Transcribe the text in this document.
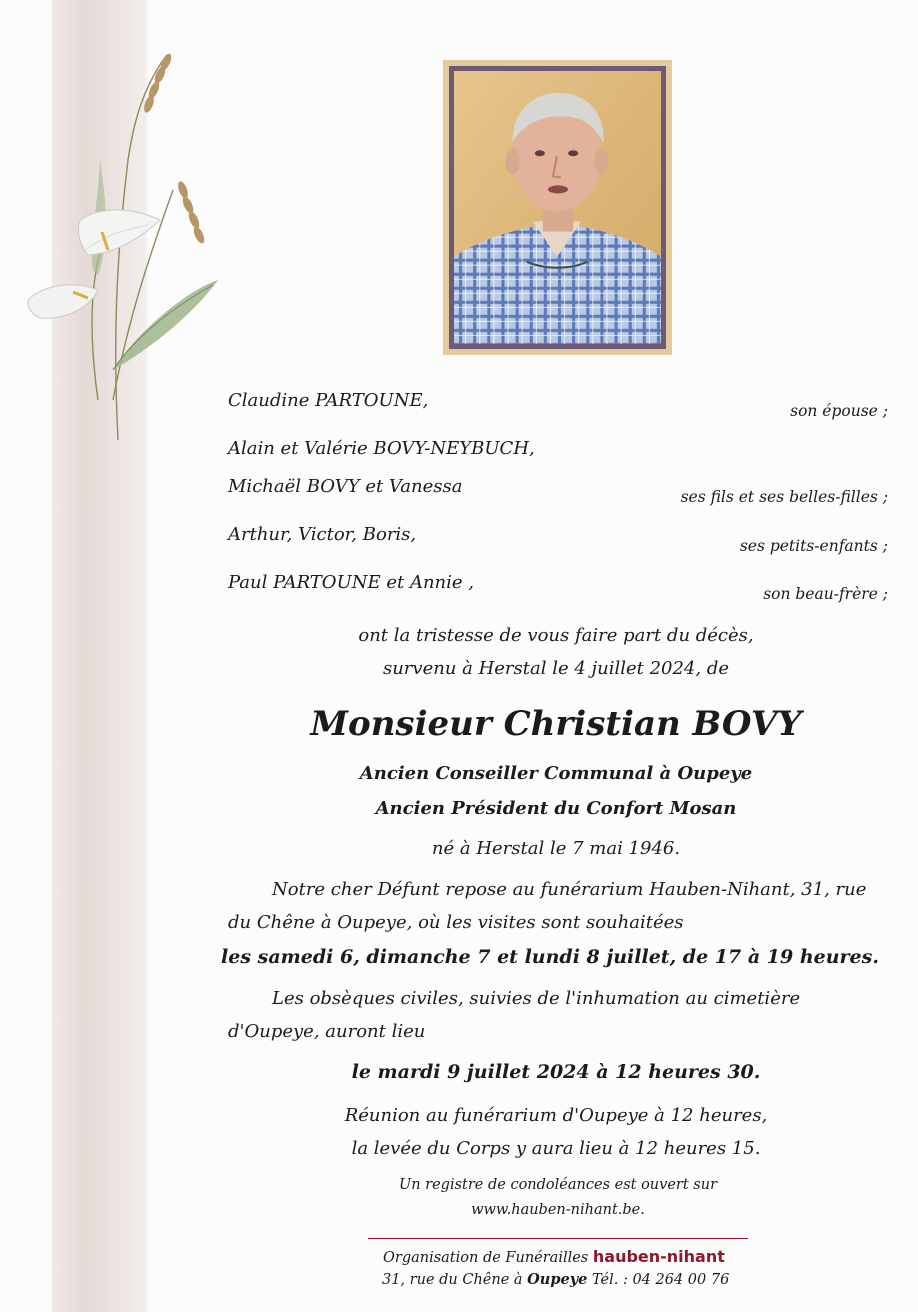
Claudine PARTOUNE,	son épouse ;
Alain et Valérie BOVY-NEYBUCH,
Michaël BOVY et Vanessa	ses fils et ses belles-filles ;
Arthur, Victor, Boris,
ses petits-enfants ;
Paul PARTOUNE et Annie ,
son beau-frère ;
ont la tristesse de vous faire part du décès,
survenu à Herstal le 4 juillet 2024, de
Monsieur Christian BOVY
Ancien Conseiller Communal à Oupeye
Ancien Président du Confort Mosan
né à Herstal le 7 mai 1946.
Notre cher Défunt repose au funérarium Hauben-Nihant, 31, rue
du Chêne à Oupeye, où les visites sont souhaitées
les samedi 6, dimanche 7 et lundi 8 juillet, de 17 à 19 heures.
Les obsèques civiles, suivies de l'inhumation au cimetière
d'Oupeye, auront lieu
le mardi 9 juillet 2024 à 12 heures 30.
Réunion au funérarium d'Oupeye à 12 heures,
la levée du Corps y aura lieu à 12 heures 15.
Un registre de condoléances est ouvert sur
www.hauben-nihant.be.
Organisation de Funérailles hauben-nihant
31, rue du Chêne à Oupeye Tél. : 04 264 00 76
